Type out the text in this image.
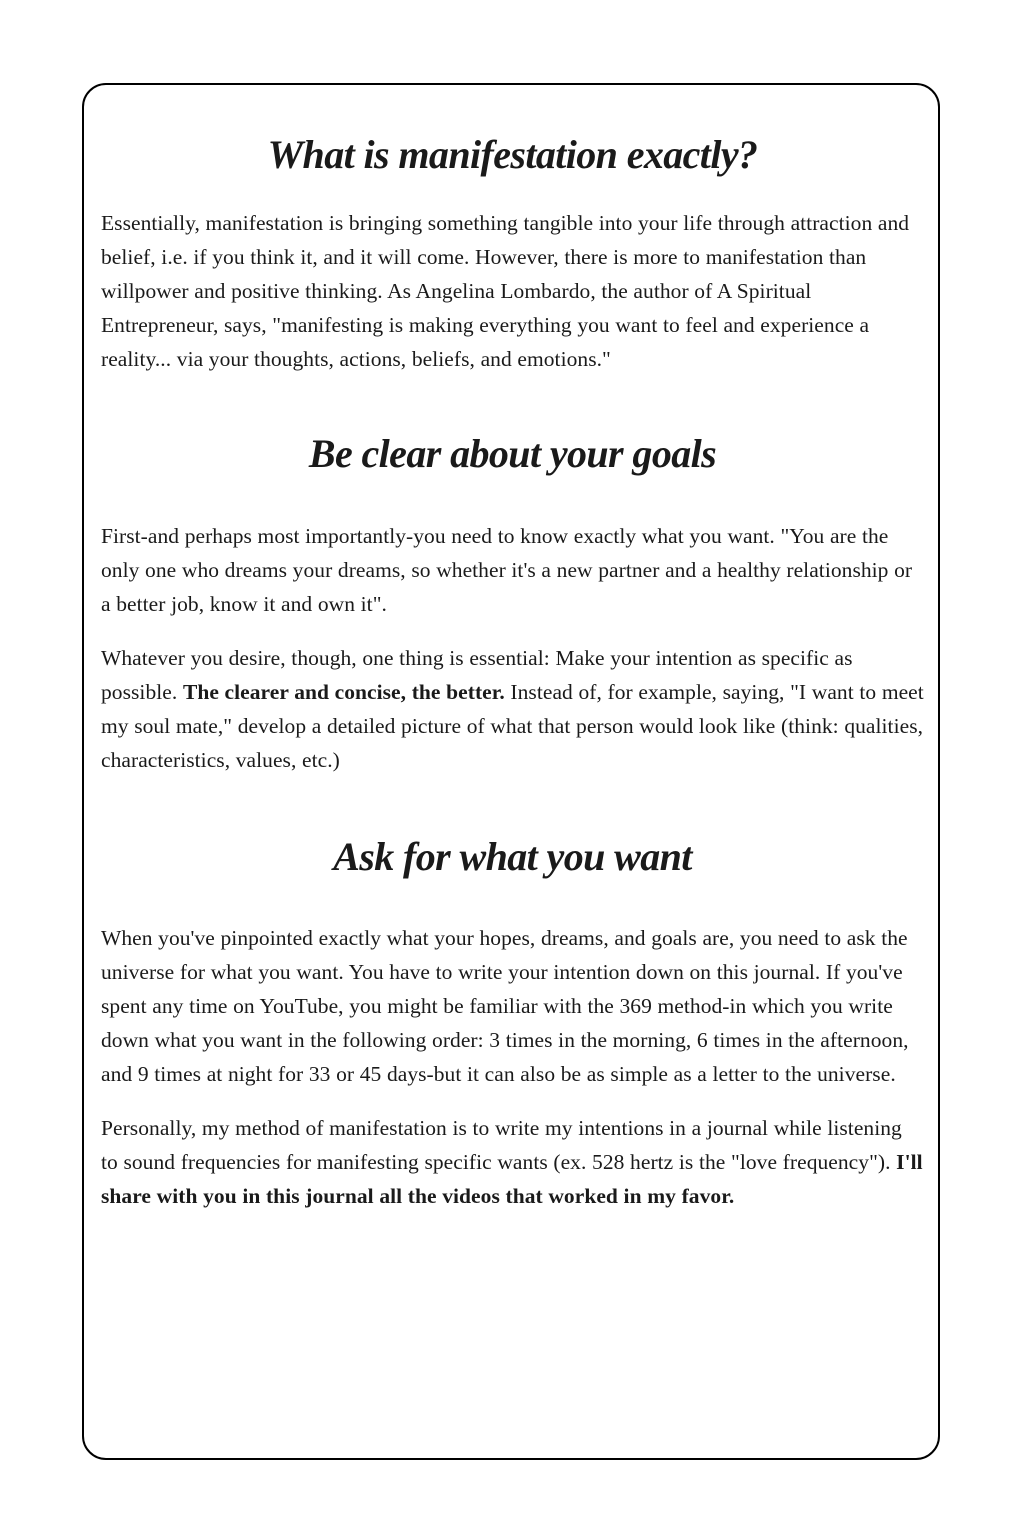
What is manifestation exactly?

Essentially, manifestation is bringing something tangible into your life through attraction and belief, i.e. if you think it, and it will come. However, there is more to manifestation than willpower and positive thinking. As Angelina Lombardo, the author of A Spiritual Entrepreneur, says, "manifesting is making everything you want to feel and experience a reality... via your thoughts, actions, beliefs, and emotions."

Be clear about your goals

First-and perhaps most importantly-you need to know exactly what you want. "You are the only one who dreams your dreams, so whether it's a new partner and a healthy relationship or a better job, know it and own it".

Whatever you desire, though, one thing is essential: Make your intention as specific as possible. The clearer and concise, the better. Instead of, for example, saying, "I want to meet my soul mate," develop a detailed picture of what that person would look like (think: qualities, characteristics, values, etc.)

Ask for what you want

When you've pinpointed exactly what your hopes, dreams, and goals are, you need to ask the universe for what you want. You have to write your intention down on this journal. If you've spent any time on YouTube, you might be familiar with the 369 method-in which you write down what you want in the following order: 3 times in the morning, 6 times in the afternoon, and 9 times at night for 33 or 45 days-but it can also be as simple as a letter to the universe.

Personally, my method of manifestation is to write my intentions in a journal while listening to sound frequencies for manifesting specific wants (ex. 528 hertz is the "love frequency"). I'll share with you in this journal all the videos that worked in my favor.
